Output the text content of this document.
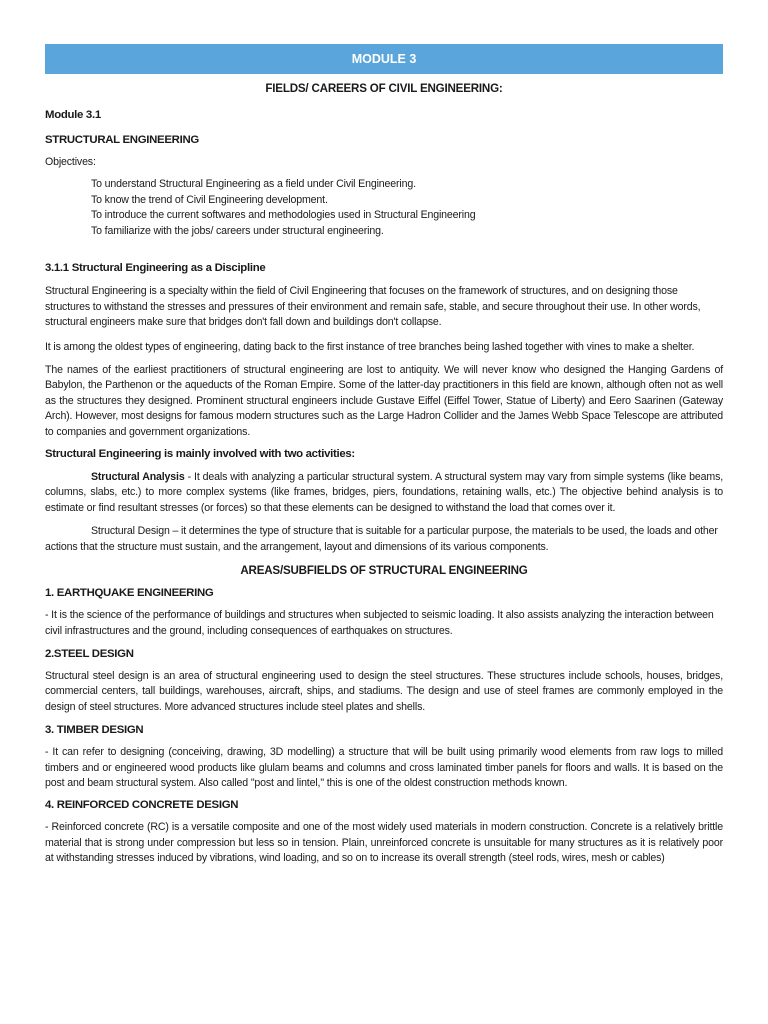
MODULE 3
FIELDS/ CAREERS OF CIVIL ENGINEERING:
Module 3.1
STRUCTURAL ENGINEERING
Objectives:
To understand Structural Engineering as a field under Civil Engineering.
To know the trend of Civil Engineering development.
To introduce the current softwares and methodologies used in Structural Engineering
To familiarize with the jobs/ careers under structural engineering.
3.1.1 Structural Engineering as a Discipline
Structural Engineering is a specialty within the field of Civil Engineering that focuses on the framework of structures, and on designing those structures to withstand the stresses and pressures of their environment and remain safe, stable, and secure throughout their use. In other words, structural engineers make sure that bridges don't fall down and buildings don't collapse.
It is among the oldest types of engineering, dating back to the first instance of tree branches being lashed together with vines to make a shelter.
The names of the earliest practitioners of structural engineering are lost to antiquity. We will never know who designed the Hanging Gardens of Babylon, the Parthenon or the aqueducts of the Roman Empire. Some of the latter-day practitioners in this field are known, although often not as well as the structures they designed. Prominent structural engineers include Gustave Eiffel (Eiffel Tower, Statue of Liberty) and Eero Saarinen (Gateway Arch). However, most designs for famous modern structures such as the Large Hadron Collider and the James Webb Space Telescope are attributed to companies and government organizations.
Structural Engineering is mainly involved with two activities:
Structural Analysis - It deals with analyzing a particular structural system. A structural system may vary from simple systems (like beams, columns, slabs, etc.) to more complex systems (like frames, bridges, piers, foundations, retaining walls, etc.) The objective behind analysis is to estimate or find resultant stresses (or forces) so that these elements can be designed to withstand the load that comes over it.
Structural Design – it determines the type of structure that is suitable for a particular purpose, the materials to be used, the loads and other actions that the structure must sustain, and the arrangement, layout and dimensions of its various components.
AREAS/SUBFIELDS OF STRUCTURAL ENGINEERING
1. EARTHQUAKE ENGINEERING
- It is the science of the performance of buildings and structures when subjected to seismic loading. It also assists analyzing the interaction between civil infrastructures and the ground, including consequences of earthquakes on structures.
2.STEEL DESIGN
Structural steel design is an area of structural engineering used to design the steel structures. These structures include schools, houses, bridges, commercial centers, tall buildings, warehouses, aircraft, ships, and stadiums. The design and use of steel frames are commonly employed in the design of steel structures. More advanced structures include steel plates and shells.
3. TIMBER DESIGN
- It can refer to designing (conceiving, drawing, 3D modelling) a structure that will be built using primarily wood elements from raw logs to milled timbers and or engineered wood products like glulam beams and columns and cross laminated timber panels for floors and walls. It is based on the post and beam structural system. Also called "post and lintel," this is one of the oldest construction methods known.
4. REINFORCED CONCRETE DESIGN
- Reinforced concrete (RC) is a versatile composite and one of the most widely used materials in modern construction. Concrete is a relatively brittle material that is strong under compression but less so in tension. Plain, unreinforced concrete is unsuitable for many structures as it is relatively poor at withstanding stresses induced by vibrations, wind loading, and so on to increase its overall strength (steel rods, wires, mesh or cables)
